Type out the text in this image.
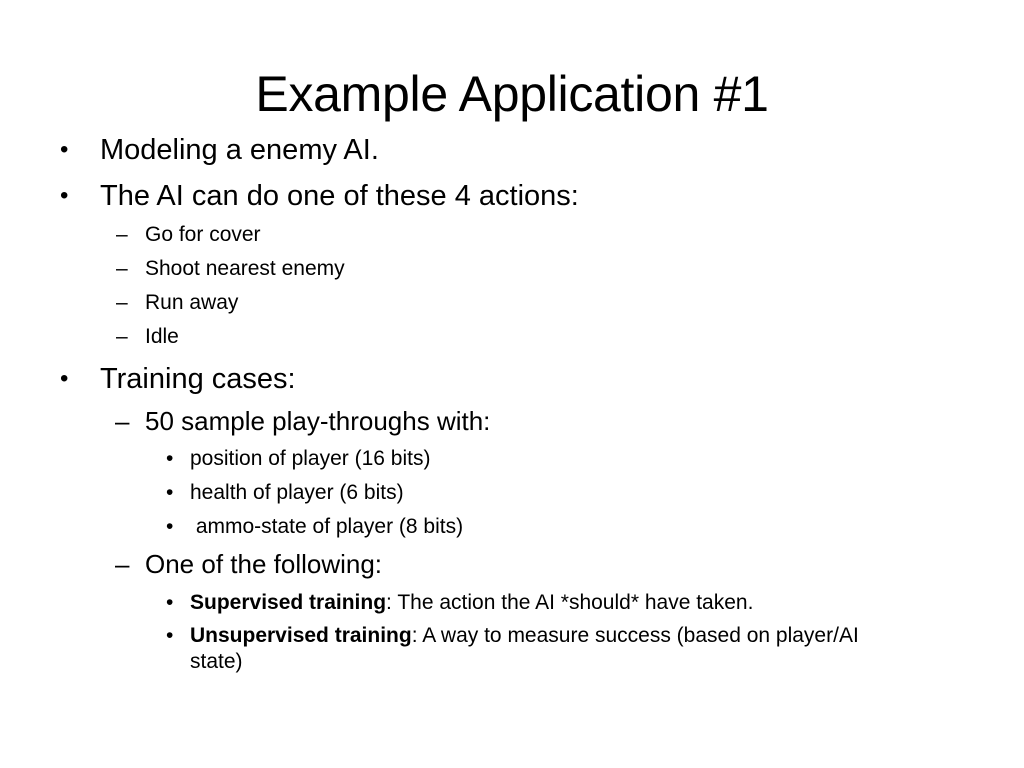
Example Application #1
• Modeling a enemy AI.
• The AI can do one of these 4 actions:
– Go for cover
– Shoot nearest enemy
– Run away
– Idle
• Training cases:
– 50 sample play-throughs with:
• position of player (16 bits)
• health of player (6 bits)
• ammo-state of player (8 bits)
– One of the following:
• Supervised training: The action the AI *should* have taken.
• Unsupervised training: A way to measure success (based on player/AI state)
